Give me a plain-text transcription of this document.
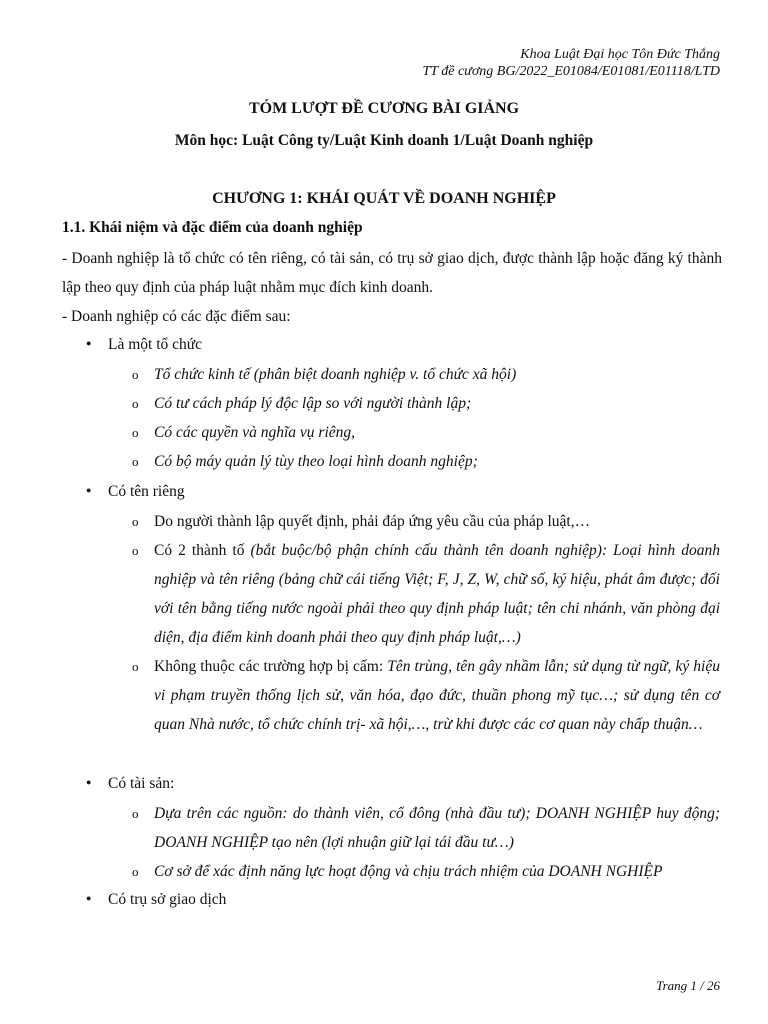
Khoa Luật Đại học Tôn Đức Thắng
TT đề cương BG/2022_E01084/E01081/E01118/LTD
TÓM LƯỢT ĐỀ CƯƠNG BÀI GIẢNG
Môn học: Luật Công ty/Luật Kinh doanh 1/Luật Doanh nghiệp
CHƯƠNG 1: KHÁI QUÁT VỀ DOANH NGHIỆP
1.1. Khái niệm và đặc điểm của doanh nghiệp
- Doanh nghiệp là tổ chức có tên riêng, có tài sản, có trụ sở giao dịch, được thành lập hoặc đăng ký thành lập theo quy định của pháp luật nhằm mục đích kinh doanh.
- Doanh nghiệp có các đặc điểm sau:
● Là một tổ chức
o Tổ chức kinh tế (phân biệt doanh nghiệp v. tổ chức xã hội)
o Có tư cách pháp lý độc lập so với người thành lập;
o Có các quyền và nghĩa vụ riêng,
o Có bộ máy quản lý tùy theo loại hình doanh nghiệp;
● Có tên riêng
o Do người thành lập quyết định, phải đáp ứng yêu cầu của pháp luật,…
o Có 2 thành tố (bắt buộc/bộ phận chính cấu thành tên doanh nghiệp): Loại hình doanh nghiệp và tên riêng (bảng chữ cái tiếng Việt; F, J, Z, W, chữ số, ký hiệu, phát âm được; đối với tên bằng tiếng nước ngoài phải theo quy định pháp luật; tên chi nhánh, văn phòng đại diện, địa điểm kinh doanh phải theo quy định pháp luật,…)
o Không thuộc các trường hợp bị cấm: Tên trùng, tên gây nhầm lẫn; sử dụng từ ngữ, ký hiệu vi phạm truyền thống lịch sử, văn hóa, đạo đức, thuần phong mỹ tục…; sử dụng tên cơ quan Nhà nước, tổ chức chính trị- xã hội,…, trừ khi được các cơ quan này chấp thuận…
● Có tài sản:
o Dựa trên các nguồn: do thành viên, cổ đông (nhà đầu tư); DOANH NGHIỆP huy động; DOANH NGHIỆP tạo nên (lợi nhuận giữ lại tái đầu tư…)
o Cơ sở để xác định năng lực hoạt động và chịu trách nhiệm của DOANH NGHIỆP
● Có trụ sở giao dịch
Trang 1 / 26
